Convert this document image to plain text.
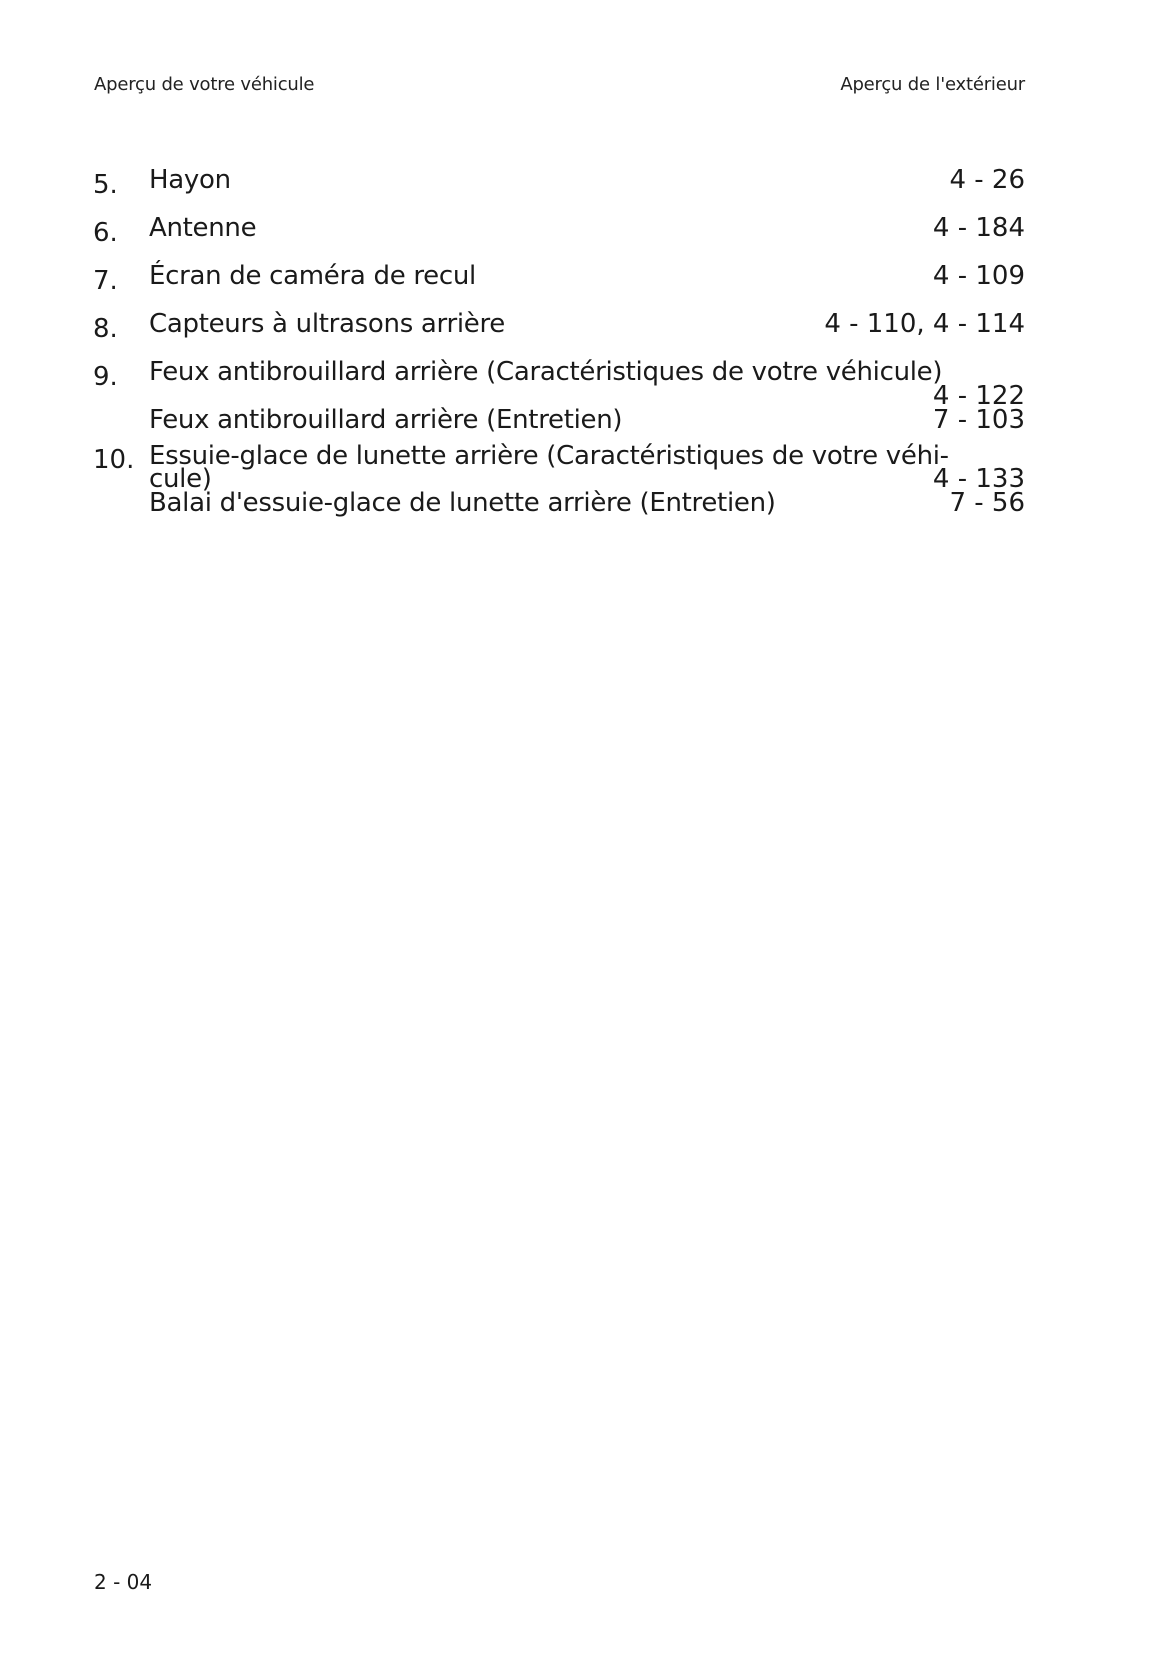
Aperçu de votre véhicule	Aperçu de l'extérieur
5. Hayon	4 - 26
6. Antenne	4 - 184
7. Écran de caméra de recul	4 - 109
8. Capteurs à ultrasons arrière	4 - 110, 4 - 114
9. Feux antibrouillard arrière (Caractéristiques de votre véhicule)
4 - 122
Feux antibrouillard arrière (Entretien)	7 - 103
10. Essuie-glace de lunette arrière (Caractéristiques de votre véhi-
cule)	4 - 133
Balai d'essuie-glace de lunette arrière (Entretien)	7 - 56
2 - 04
